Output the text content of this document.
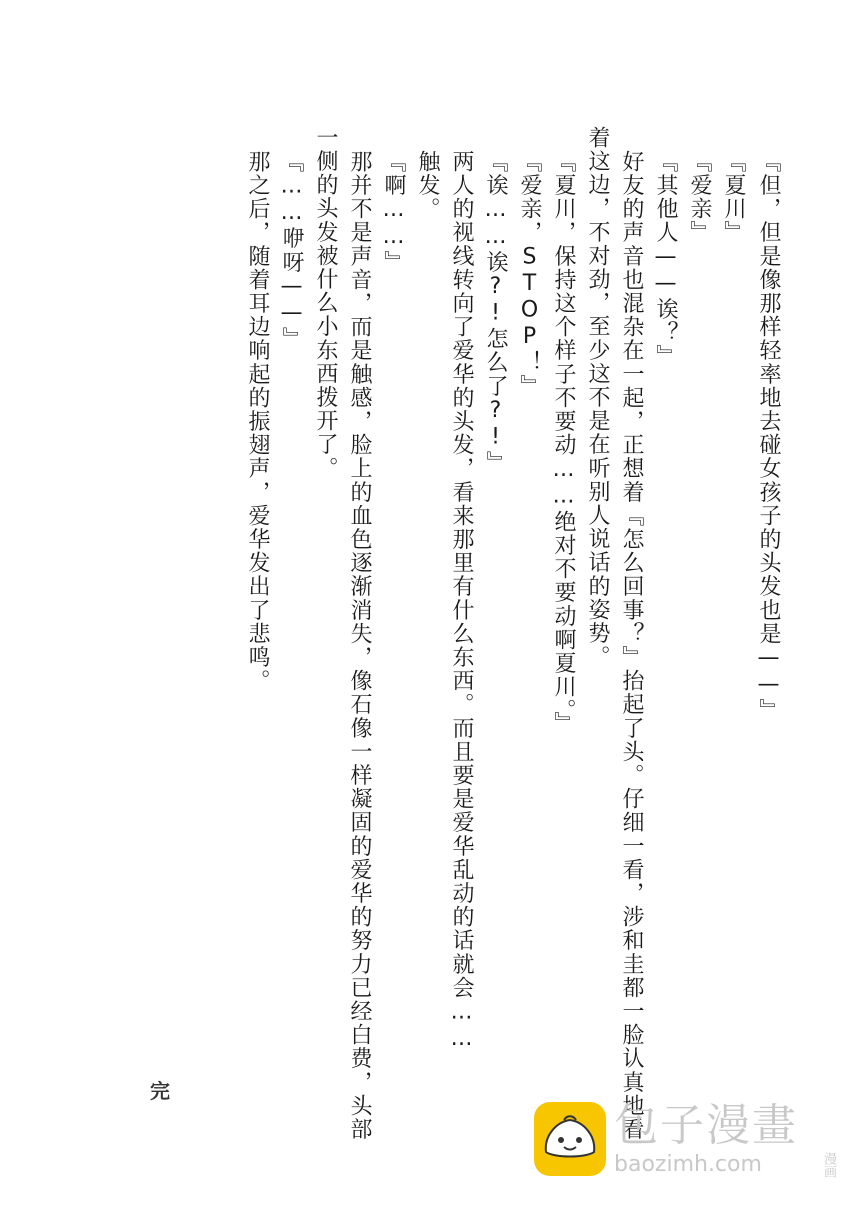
『但，但是像那样轻率地去碰女孩子的头发也是——』
『夏川』
『爱亲』
『其他人——诶？』
好友的声音也混杂在一起，正想着『怎么回事？』抬起了头。仔细一看，涉和圭都一脸认真地看
着这边，不对劲，至少这不是在听别人说话的姿势。
『夏川，保持这个样子不要动……绝对不要动啊夏川。』
『爱亲，STOP！』
『诶……诶?!怎么了?!』
两人的视线转向了爱华的头发，看来那里有什么东西。而且要是爱华乱动的话就会……
触发。
『啊……』
那并不是声音，而是触感，脸上的血色逐渐消失，像石像一样凝固的爱华的努力已经白费，头部
一侧的头发被什么小东西拨开了。
『……咿呀——』
那之后，随着耳边响起的振翅声，爱华发出了悲鸣。
完
包子漫畫
baozimh.com	漫画
